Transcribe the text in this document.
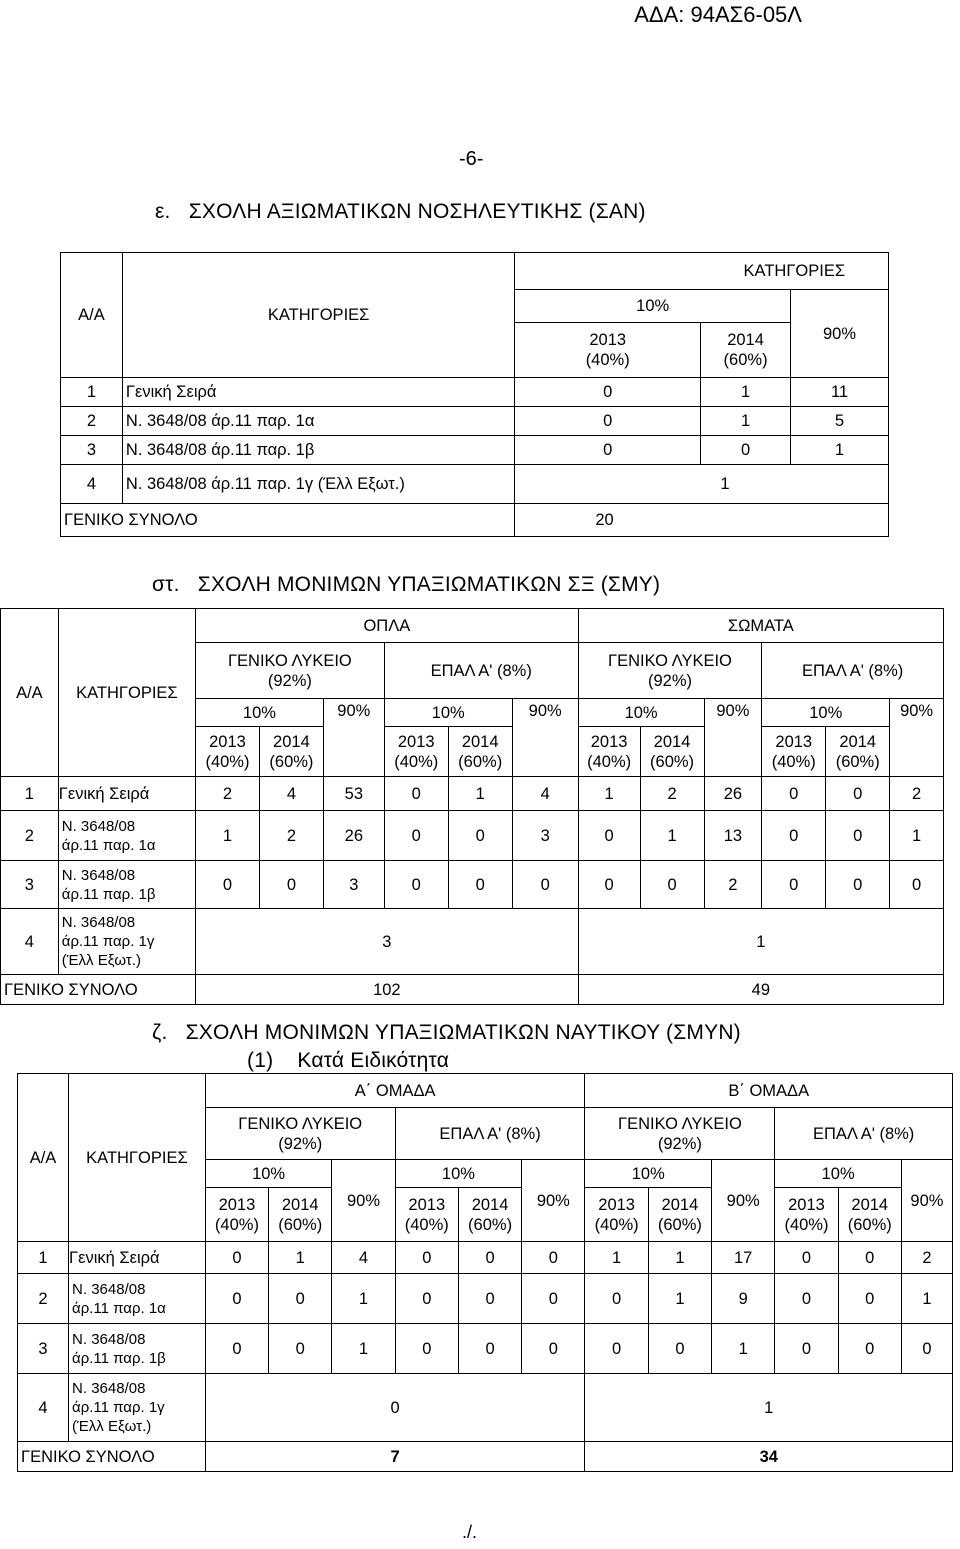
ΑΔΑ: 94ΑΣ6-05Λ
-6-
ε.   ΣΧΟΛΗ ΑΞΙΩΜΑΤΙΚΩΝ ΝΟΣΗΛΕΥΤΙΚΗΣ (ΣΑΝ)
Α/Α	ΚΑΤΗΓΟΡΙΕΣ		ΚΑΤΗΓΟΡΙΕΣ	
		10%		90%
		2013
(40%)	2014
(60%)	
1	Γενική Σειρά	0	1	11
2	Ν. 3648/08 άρ.11 παρ. 1α	0	1	5
3	Ν. 3648/08 άρ.11 παρ. 1β	0	0	1
4	Ν. 3648/08 άρ.11 παρ. 1γ (Έλλ Εξωτ.)	1		
ΓΕΝΙΚΟ ΣΥΝΟΛΟ		20		
στ.   ΣΧΟΛΗ ΜΟΝΙΜΩΝ ΥΠΑΞΙΩΜΑΤΙΚΩΝ ΣΞ (ΣΜΥ)
Α/Α	ΚΑΤΗΓΟΡΙΕΣ	ΟΠΛΑ						ΣΩΜΑΤΑ					
		ΓΕΝΙΚΟ ΛΥΚΕΙΟ
(92%)			ΕΠΑΛ Α' (8%)			ΓΕΝΙΚΟ ΛΥΚΕΙΟ
(92%)			ΕΠΑΛ Α' (8%)		
		10%		90%	10%		90%	10%		90%	10%		90%
		2013
(40%)	2014
(60%)		2013
(40%)	2014
(60%)		2013
(40%)	2014
(60%)		2013
(40%)	2014
(60%)	
1	Γενική Σειρά	2	4	53	0	1	4	1	2	26	0	0	2
2	Ν. 3648/08
άρ.11 παρ. 1α	1	2	26	0	0	3	0	1	13	0	0	1
3	Ν. 3648/08
άρ.11 παρ. 1β	0	0	3	0	0	0	0	0	2	0	0	0
4	Ν. 3648/08
άρ.11 παρ. 1γ
(Έλλ Εξωτ.)	3						1					
ΓΕΝΙΚΟ ΣΥΝΟΛΟ		102						49					
ζ.   ΣΧΟΛΗ ΜΟΝΙΜΩΝ ΥΠΑΞΙΩΜΑΤΙΚΩΝ ΝΑΥΤΙΚΟΥ (ΣΜΥΝ)
(1)    Κατά Ειδικότητα
Α/Α	ΚΑΤΗΓΟΡΙΕΣ	Α΄ ΟΜΑΔΑ						Β΄ ΟΜΑΔΑ					
		ΓΕΝΙΚΟ ΛΥΚΕΙΟ
(92%)			ΕΠΑΛ Α' (8%)			ΓΕΝΙΚΟ ΛΥΚΕΙΟ
(92%)			ΕΠΑΛ Α' (8%)		
		10%		90%	10%		90%	10%		90%	10%		90%
		2013
(40%)	2014
(60%)		2013
(40%)	2014
(60%)		2013
(40%)	2014
(60%)		2013
(40%)	2014
(60%)	
1	Γενική Σειρά	0	1	4	0	0	0	1	1	17	0	0	2
2	Ν. 3648/08
άρ.11 παρ. 1α	0	0	1	0	0	0	0	1	9	0	0	1
3	Ν. 3648/08
άρ.11 παρ. 1β	0	0	1	0	0	0	0	0	1	0	0	0
4	Ν. 3648/08
άρ.11 παρ. 1γ
(Έλλ Εξωτ.)	0						1					
ΓΕΝΙΚΟ ΣΥΝΟΛΟ		7						34					
./.
